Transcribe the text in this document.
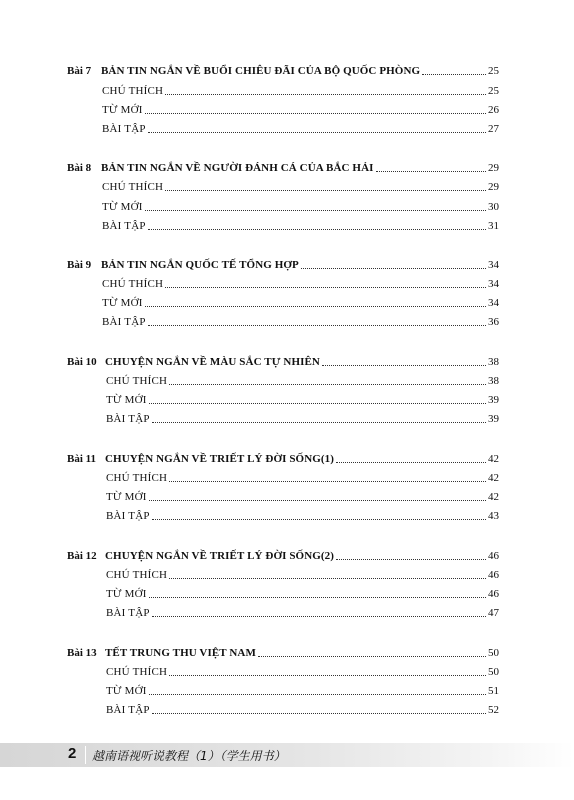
Bài 7 BẢN TIN NGẮN VỀ BUỔI CHIÊU ĐÃI CỦA BỘ QUỐC PHÒNG	25
CHÚ THÍCH	25
TỪ MỚI	26
BÀI TẬP	27
Bài 8 BẢN TIN NGẮN VỀ NGƯỜI ĐÁNH CÁ CỦA BẮC HẢI	29
CHÚ THÍCH	29
TỪ MỚI	30
BÀI TẬP	31
Bài 9 BẢN TIN NGẮN QUỐC TẾ TỔNG HỢP	34
CHÚ THÍCH	34
TỪ MỚI	34
BÀI TẬP	36
Bài 10 CHUYỆN NGẮN VỀ MÀU SẮC TỰ NHIÊN	38
CHÚ THÍCH	38
TỪ MỚI	39
BÀI TẬP	39
Bài 11 CHUYỆN NGẮN VỀ TRIẾT LÝ ĐỜI SỐNG(1)	42
CHÚ THÍCH	42
TỪ MỚI	42
BÀI TẬP	43
Bài 12 CHUYỆN NGẮN VỀ TRIẾT LÝ ĐỜI SỐNG(2)	46
CHÚ THÍCH	46
TỪ MỚI	46
BÀI TẬP	47
Bài 13 TẾT TRUNG THU VIỆT NAM	50
CHÚ THÍCH	50
TỪ MỚI	51
BÀI TẬP	52
2 越南语视听说教程（1）（学生用书）
